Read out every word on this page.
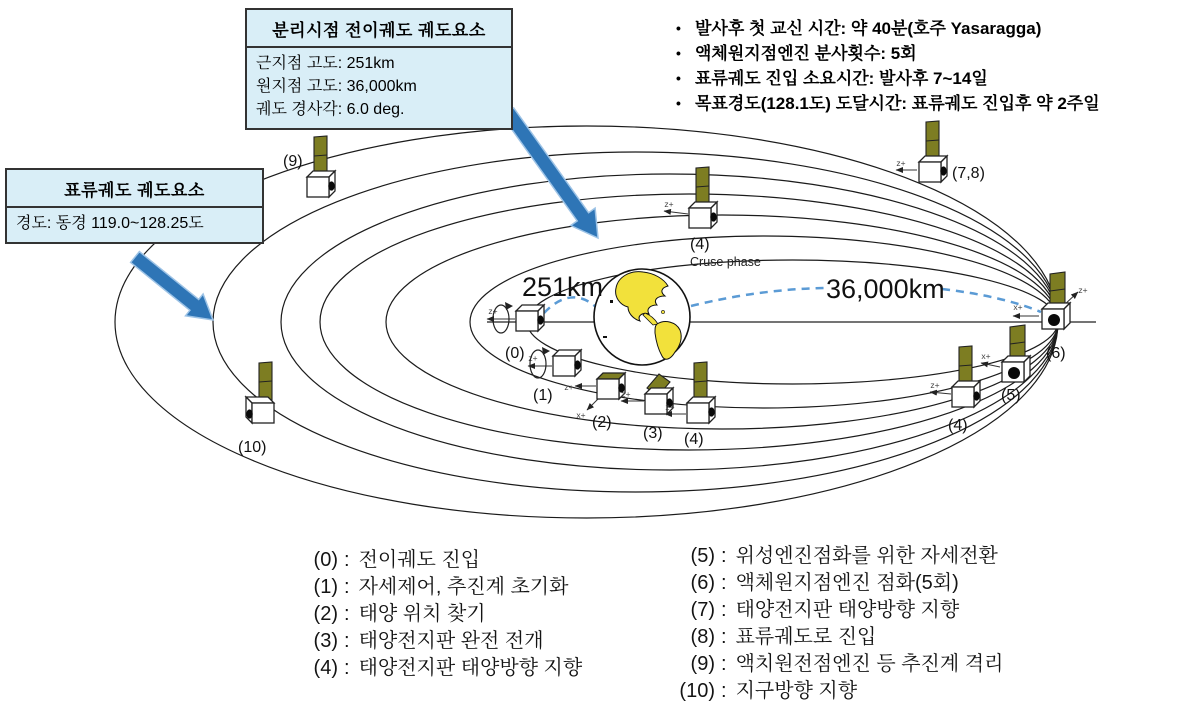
z+
(0) z+
(1) z+
x+ (2)
z+
(3)
z+
(4)
z+
(4)
Cruse phase
x+
(5)
x+
z+
(6)
z+
(7,8)
z+
(4)
(9)
(10)
251km	36,000km
분리시점 전이궤도 궤도요소
근지점 고도: 251km
원지점 고도: 36,000km
궤도 경사각: 6.0 deg.
표류궤도 궤도요소
경도: 동경 119.0~128.25도
• 발사후 첫 교신 시간: 약 40분(호주 Yasaragga)
• 액체원지점엔진 분사횟수: 5회
• 표류궤도 진입 소요시간: 발사후 7~14일
• 목표경도(128.1도) 도달시간: 표류궤도 진입후 약 2주일
(0) : 전이궤도 진입
(1) : 자세제어, 추진계 초기화
(2) : 태양 위치 찾기
(3) : 태양전지판 완전 전개
(4) : 태양전지판 태양방향 지향
(5) : 위성엔진점화를 위한 자세전환
(6) : 액체원지점엔진 점화(5회)
(7) : 태양전지판 태양방향 지향
(8) : 표류궤도로 진입
(9) : 액치원전점엔진 등 추진계 격리
(10) : 지구방향 지향
